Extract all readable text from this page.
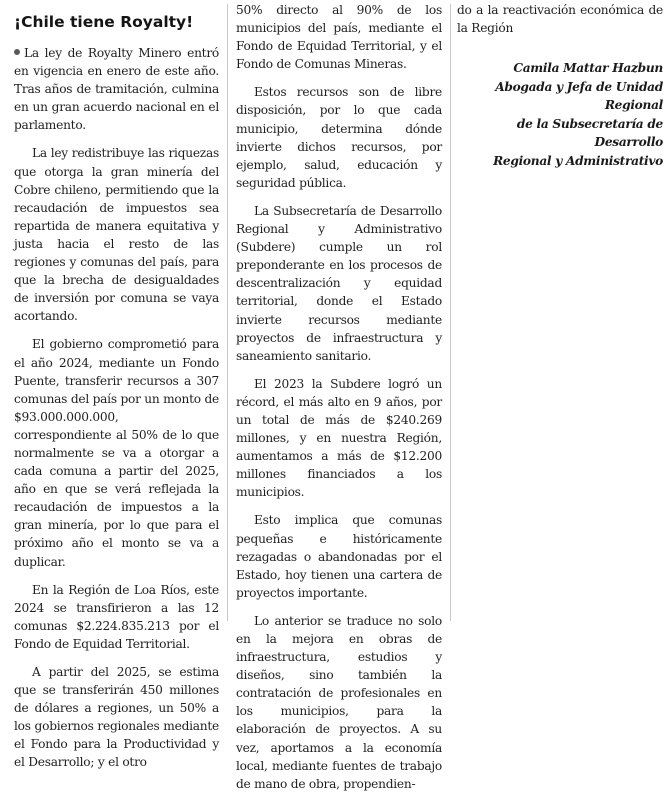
¡Chile tiene Royalty!

La ley de Royalty Minero entró en vigencia en enero de este año. Tras años de tramitación, culmina en un gran acuerdo nacional en el parlamento.

La ley redistribuye las riquezas que otorga la gran minería del Cobre chileno, permitiendo que la recaudación de impuestos sea repartida de manera equitativa y justa hacia el resto de las regiones y comunas del país, para que la brecha de desigualdades de inversión por comuna se vaya acortando.

El gobierno comprometió para el año 2024, mediante un Fondo Puente, transferir recursos a 307 comunas del país por un monto de $93.000.000.000, correspondiente al 50% de lo que normalmente se va a otorgar a cada comuna a partir del 2025, año en que se verá reflejada la recaudación de impuestos a la gran minería, por lo que para el próximo año el monto se va a duplicar.

En la Región de Loa Ríos, este 2024 se transfirieron a las 12 comunas $2.224.835.213 por el Fondo de Equidad Territorial.

A partir del 2025, se estima que se transferirán 450 millones de dólares a regiones, un 50% a los gobiernos regionales mediante el Fondo para la Productividad y el Desarrollo; y el otro

50% directo al 90% de los municipios del país, mediante el Fondo de Equidad Territorial, y el Fondo de Comunas Mineras.

Estos recursos son de libre disposición, por lo que cada municipio, determina dónde invierte dichos recursos, por ejemplo, salud, educación y seguridad pública.

La Subsecretaría de Desarrollo Regional y Administrativo (Subdere) cumple un rol preponderante en los procesos de descentralización y equidad territorial, donde el Estado invierte recursos mediante proyectos de infraestructura y saneamiento sanitario.

El 2023 la Subdere logró un récord, el más alto en 9 años, por un total de más de $240.269 millones, y en nuestra Región, aumentamos a más de $12.200 millones financiados a los municipios.

Esto implica que comunas pequeñas e históricamente rezagadas o abandonadas por el Estado, hoy tienen una cartera de proyectos importante.

Lo anterior se traduce no solo en la mejora en obras de infraestructura, estudios y diseños, sino también la contratación de profesionales en los municipios, para la elaboración de proyectos. A su vez, aportamos a la economía local, mediante fuentes de trabajo de mano de obra, propendien-

do a la reactivación económica de la Región

Camila Mattar Hazbun
Abogada y Jefa de Unidad Regional
de la Subsecretaría de Desarrollo
Regional y Administrativo
